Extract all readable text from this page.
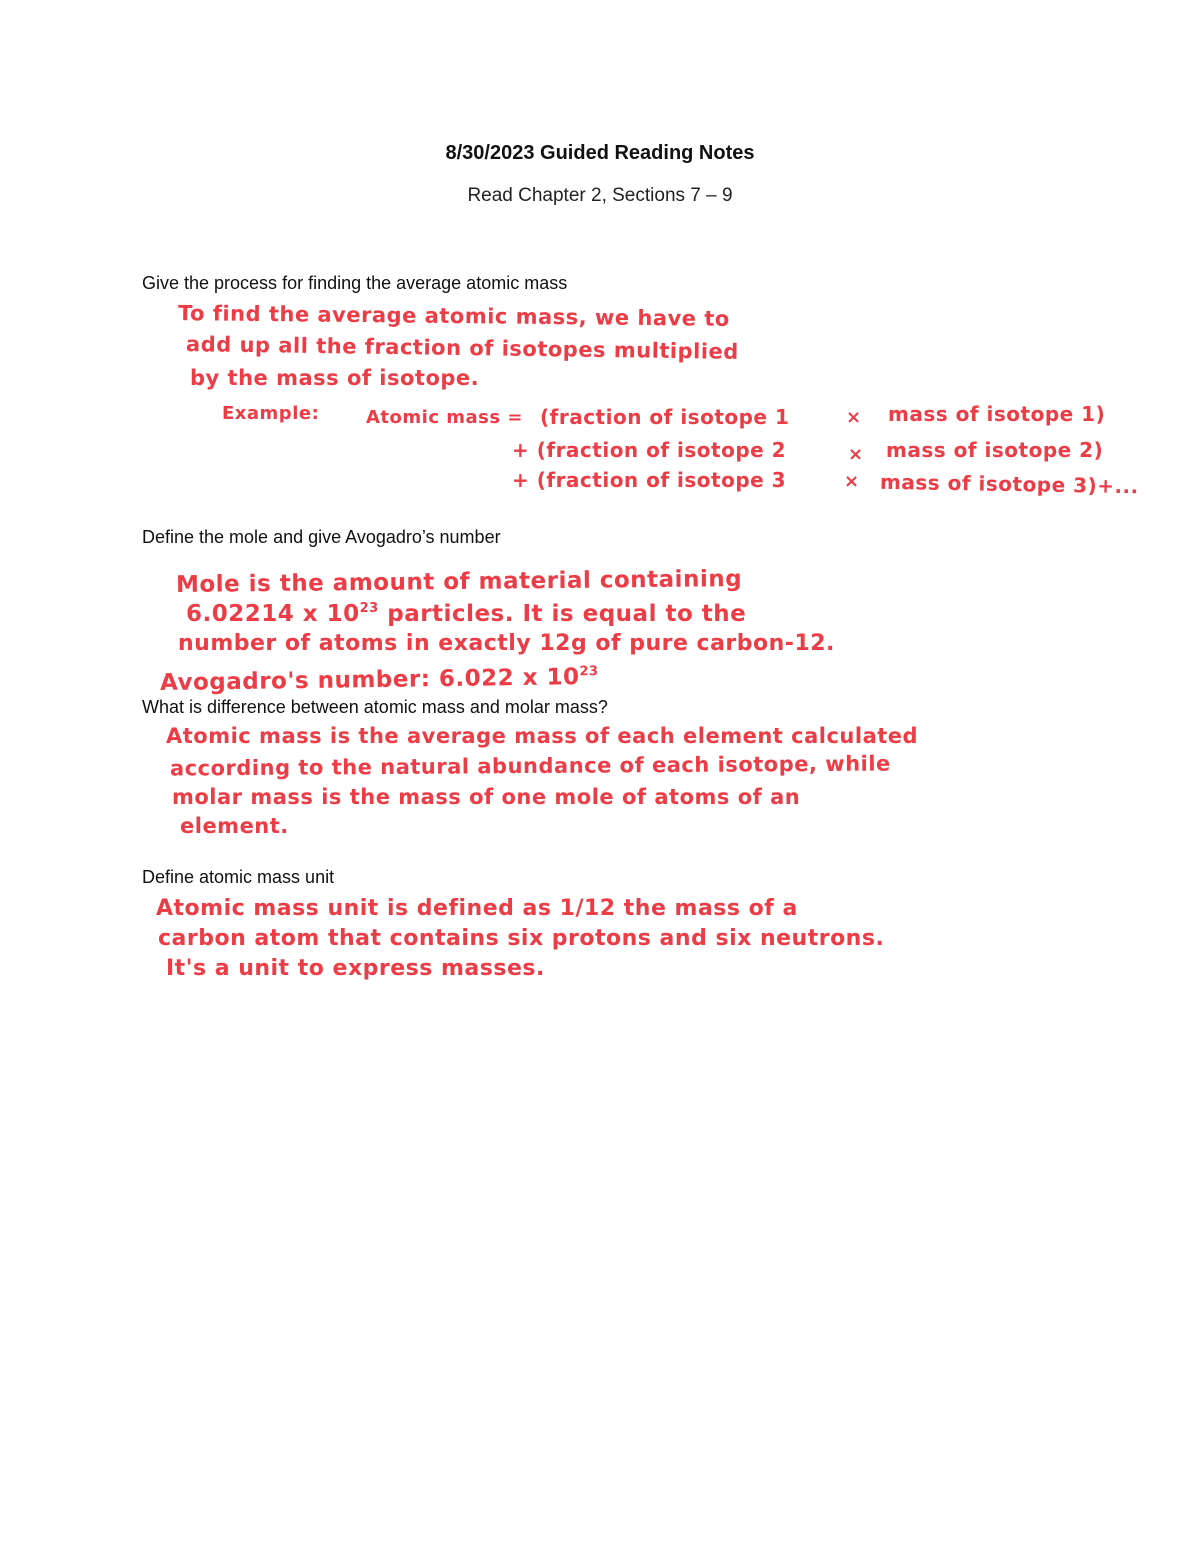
8/30/2023 Guided Reading Notes
Read Chapter 2, Sections 7 – 9
Give the process for finding the average atomic mass
To find the average atomic mass, we have to
add up all the fraction of isotopes multiplied
by the mass of isotope.
Example:	Atomic mass = (fraction of isotope 1	× mass of isotope 1)
+ (fraction of isotope 2	× mass of isotope 2)
+ (fraction of isotope 3	× mass of isotope 3)+...
Define the mole and give Avogadro’s number
Mole is the amount of material containing
6.02214 x $10^{23}$ particles. It is equal to the
number of atoms in exactly 12g of pure carbon-12.
Avogadro's number: 6.022 x $10^{23}$
What is difference between atomic mass and molar mass?
Atomic mass is the average mass of each element calculated
according to the natural abundance of each isotope, while
molar mass is the mass of one mole of atoms of an
element.
Define atomic mass unit
Atomic mass unit is defined as 1/12 the mass of a
carbon atom that contains six protons and six neutrons.
It's a unit to express masses.
